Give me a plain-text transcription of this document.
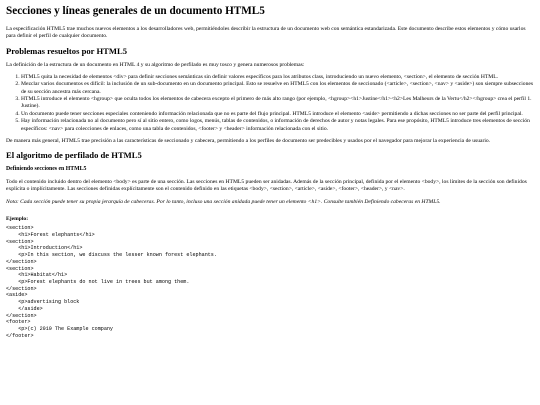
Secciones y líneas generales de un documento HTML5

La especificación HTML5 trae muchos nuevos elementos a los desarrolladores web, permitiéndoles describir la estructura de un documento web con semántica estandarizada. Este documento describe estos elementos y cómo usarlos para definir el perfil de cualquier documento.

Problemas resueltos por HTML5

La definición de la estructura de un documento en HTML 4 y su algoritmo de perfilado es muy tosco y genera numerosos problemas:

1. HTML5 quita la necesidad de elementos <div> para definir secciones semánticas sin definir valores específicos para los atributos class, introduciendo un nuevo elemento, <section>, el elemento de sección HTML.
2. Mezclar varios documentos es difícil: la inclusión de un sub-documento en un documento principal. Esto se resuelve en HTML5 con los elementos de seccionado (<article>, <section>, <nav> y <aside>) son siempre subsecciones de su sección ancestra más cercana.
3. HTML5 introduce el elemento <hgroup> que oculta todos los elementos de cabecera excepto el primero de más alto rango (por ejemplo, <hgroup><h1>Justine</h1><h2>Les Malheurs de la Vertu</h2></hgroup> crea el perfil 1. Justine).
4. Un documento puede tener secciones especiales conteniendo información relacionada que no es parte del flujo principal. HTML5 introduce el elemento <aside> permitiendo a dichas secciones no ser parte del perfil principal.
5. Hay información relacionada no al documento pero sí al sitio entero, como logos, menús, tablas de contenidos, o información de derechos de autor y notas legales. Para ese propósito, HTML5 introduce tres elementos de sección específicos: <nav> para colecciones de enlaces, como una tabla de contenidos, <footer> y <header> información relacionada con el sitio.

De manera más general, HTML5 trae precisión a las características de seccionado y cabecera, permitiendo a los perfiles de documento ser predecibles y usados por el navegador para mejorar la experiencia de usuario.

El algoritmo de perfilado de HTML5
Definiendo secciones en HTML5

Todo el contenido incluido dentro del elemento <body> es parte de una sección. Las secciones en HTML5 pueden ser anidadas. Además de la sección principal, definida por el elemento <body>, los límites de la sección son definidos explícita o implícitamente. Las secciones definidas explícitamente son el contenido definido en las etiquetas <body>, <section>, <article>, <aside>, <footer>, <header>, y <nav>.

Nota: Cada sección puede tener su propia jerarquía de cabeceras. Por lo tanto, incluso una sección anidada puede tener un elemento <h1>. Consulte también Definiendo cabeceras en HTML5.

Ejemplo:

<section>
<h1>Forest elephants</h1>
<section>
<h1>Introduction</h1>
<p>In this section, we discuss the lesser known forest elephants.
</section>
<section>
<h1>Habitat</h1>
<p>Forest elephants do not live in trees but among them.
</section>
<aside>
<p>advertising block
</aside>
</section>
<footer>
<p>(c) 2010 The Example company
</footer>
